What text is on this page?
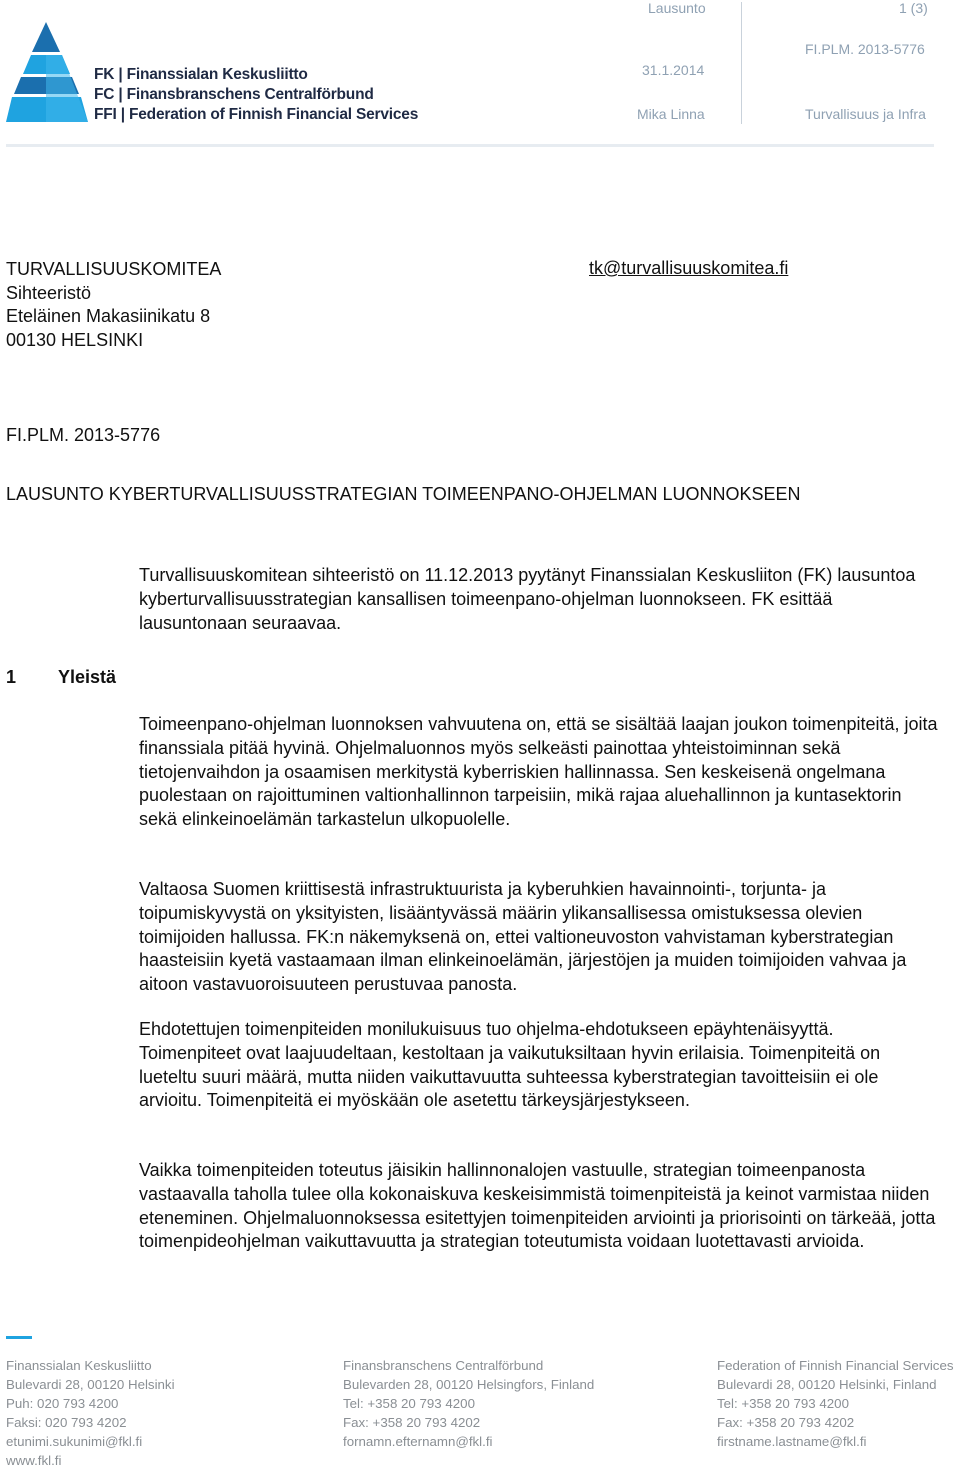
FK | Finanssialan Keskusliitto
FC | Finansbranschens Centralförbund
FFI | Federation of Finnish Financial Services
Lausunto	1 (3)
31.1.2014
FI.PLM. 2013-5776
Mika Linna	Turvallisuus ja Infra
TURVALLISUUSKOMITEA
Sihteeristö
Eteläinen Makasiinikatu 8
00130 HELSINKI
tk@turvallisuuskomitea.fi
FI.PLM. 2013-5776
LAUSUNTO KYBERTURVALLISUUSSTRATEGIAN TOIMEENPANO-OHJELMAN LUONNOKSEEN

Turvallisuuskomitean sihteeristö on 11.12.2013 pyytänyt Finanssialan Keskusliiton (FK) lausuntoa kyberturvallisuusstrategian kansallisen toimeenpano-ohjelman luonnokseen. FK esittää lausuntonaan seuraavaa.

1 Yleistä

Toimeenpano-ohjelman luonnoksen vahvuutena on, että se sisältää laajan joukon toimenpiteitä, joita finanssiala pitää hyvinä. Ohjelmaluonnos myös selkeästi painottaa yhteistoiminnan sekä tietojenvaihdon ja osaamisen merkitystä kyberriskien hallinnassa. Sen keskeisenä ongelmana puolestaan on rajoittuminen valtionhallinnon tarpeisiin, mikä rajaa aluehallinnon ja kuntasektorin sekä elinkeinoelämän tarkastelun ulkopuolelle.

Valtaosa Suomen kriittisestä infrastruktuurista ja kyberuhkien havainnointi-, torjunta- ja toipumiskyvystä on yksityisten, lisääntyvässä määrin ylikansallisessa omistuksessa olevien toimijoiden hallussa. FK:n näkemyksenä on, ettei valtioneuvoston vahvistaman kyberstrategian haasteisiin kyetä vastaamaan ilman elinkeinoelämän, järjestöjen ja muiden toimijoiden vahvaa ja aitoon vastavuoroisuuteen perustuvaa panosta.

Ehdotettujen toimenpiteiden monilukuisuus tuo ohjelma-ehdotukseen epäyhtenäisyyttä. Toimenpiteet ovat laajuudeltaan, kestoltaan ja vaikutuksiltaan hyvin erilaisia. Toimenpiteitä on lueteltu suuri määrä, mutta niiden vaikuttavuutta suhteessa kyberstrategian tavoitteisiin ei ole arvioitu. Toimenpiteitä ei myöskään ole asetettu tärkeysjärjestykseen.

Vaikka toimenpiteiden toteutus jäisikin hallinnonalojen vastuulle, strategian toimeenpanosta vastaavalla taholla tulee olla kokonaiskuva keskeisimmistä toimenpiteistä ja keinot varmistaa niiden eteneminen. Ohjelmaluonnoksessa esitettyjen toimenpiteiden arviointi ja priorisointi on tärkeää, jotta toimenpideohjelman vaikuttavuutta ja strategian toteutumista voidaan luotettavasti arvioida.

Finanssialan Keskusliitto
Bulevardi 28, 00120 Helsinki
Puh: 020 793 4200
Faksi: 020 793 4202
etunimi.sukunimi@fkl.fi
www.fkl.fi
Finansbranschens Centralförbund
Bulevarden 28, 00120 Helsingfors, Finland
Tel: +358 20 793 4200
Fax: +358 20 793 4202
fornamn.efternamn@fkl.fi
Federation of Finnish Financial Services
Bulevardi 28, 00120 Helsinki, Finland
Tel: +358 20 793 4200
Fax: +358 20 793 4202
firstname.lastname@fkl.fi
